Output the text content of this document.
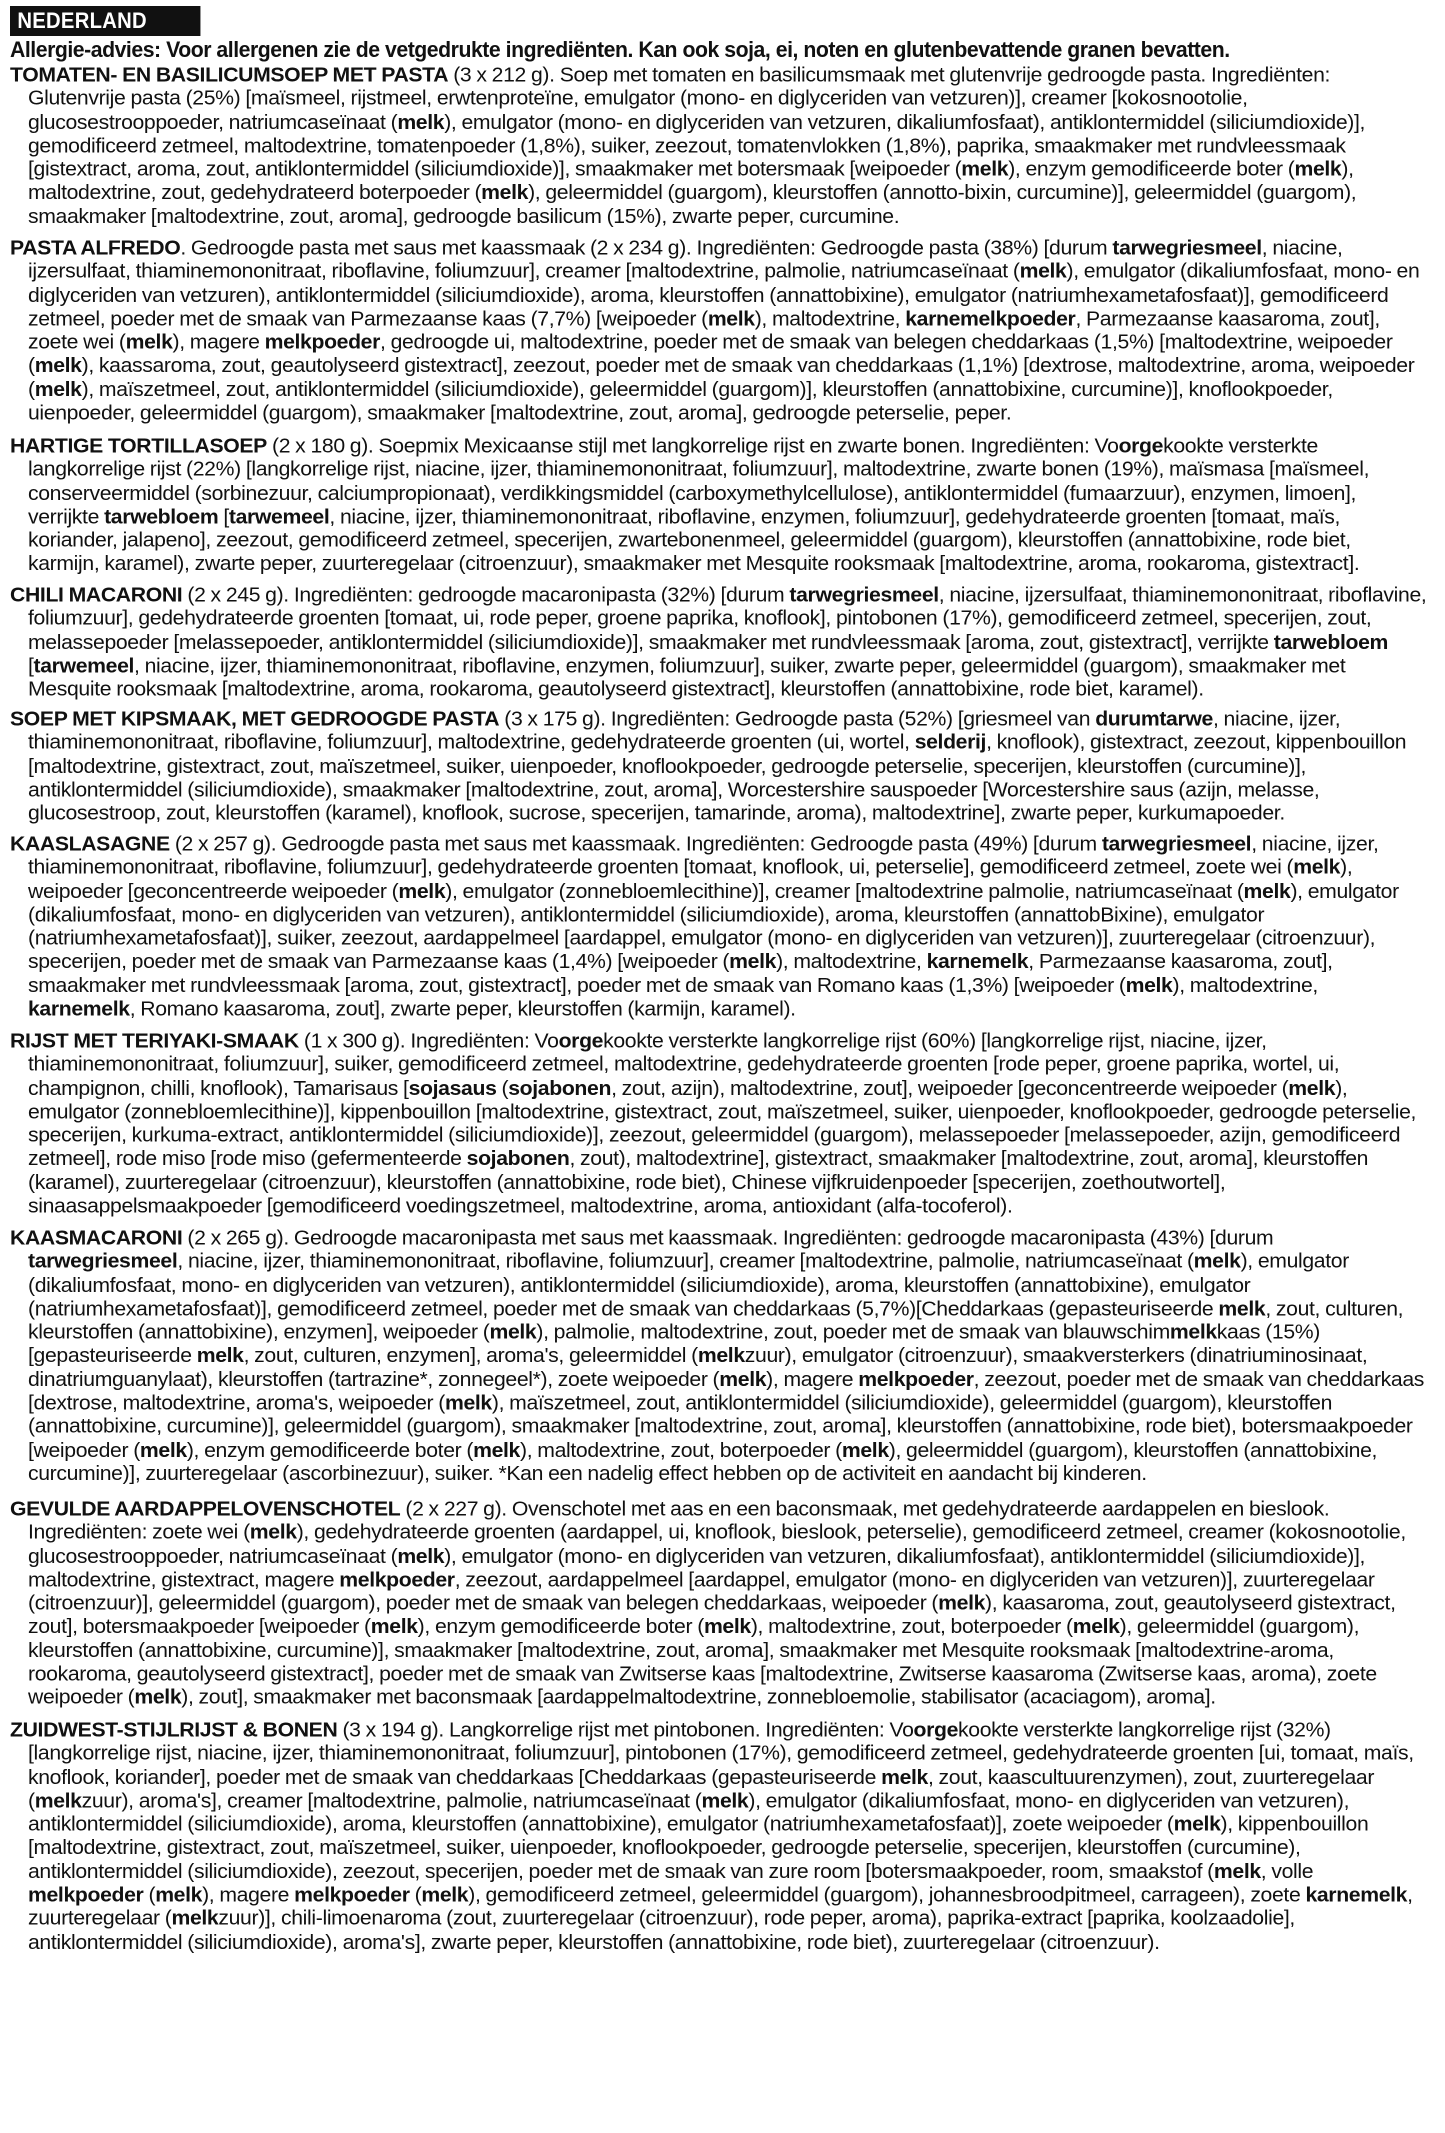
NEDERLAND
Allergie-advies: Voor allergenen zie de vetgedrukte ingrediënten. Kan ook soja, ei, noten en glutenbevattende granen bevatten.

TOMATEN- EN BASILICUMSOEP MET PASTA (3 x 212 g). Soep met tomaten en basilicumsmaak met glutenvrije gedroogde pasta. Ingrediënten: Glutenvrije pasta (25%) [maïsmeel, rijstmeel, erwtenproteïne, emulgator (mono- en diglyceriden van vetzuren)], creamer [kokosnootolie, glucosestrooppoeder, natriumcaseïnaat (melk), emulgator (mono- en diglyceriden van vetzuren, dikaliumfosfaat), antiklontermiddel (siliciumdioxide)], gemodificeerd zetmeel, maltodextrine, tomatenpoeder (1,8%), suiker, zeezout, tomatenvlokken (1,8%), paprika, smaakmaker met rundvleessmaak [gistextract, aroma, zout, antiklontermiddel (siliciumdioxide)], smaakmaker met botersmaak [weipoeder (melk), enzym gemodificeerde boter (melk), maltodextrine, zout, gedehydrateerd boterpoeder (melk), geleermiddel (guargom), kleurstoffen (annotto-bixin, curcumine)], geleermiddel (guargom), smaakmaker [maltodextrine, zout, aroma], gedroogde basilicum (15%), zwarte peper, curcumine.

PASTA ALFREDO. Gedroogde pasta met saus met kaassmaak (2 x 234 g). Ingrediënten: Gedroogde pasta (38%) [durum tarwegriesmeel, niacine, ijzersulfaat, thiaminemononitraat, riboflavine, foliumzuur], creamer [maltodextrine, palmolie, natriumcaseïnaat (melk), emulgator (dikaliumfosfaat, mono- en diglyceriden van vetzuren), antiklontermiddel (siliciumdioxide), aroma, kleurstoffen (annattobixine), emulgator (natriumhexametafosfaat)], gemodificeerd zetmeel, poeder met de smaak van Parmezaanse kaas (7,7%) [weipoeder (melk), maltodextrine, karnemelkpoeder, Parmezaanse kaasaroma, zout], zoete wei (melk), magere melkpoeder, gedroogde ui, maltodextrine, poeder met de smaak van belegen cheddarkaas (1,5%) [maltodextrine, weipoeder (melk), kaassaroma, zout, geautolyseerd gistextract], zeezout, poeder met de smaak van cheddarkaas (1,1%) [dextrose, maltodextrine, aroma, weipoeder (melk), maïszetmeel, zout, antiklontermiddel (siliciumdioxide), geleermiddel (guargom)], kleurstoffen (annattobixine, curcumine)], knoflookpoeder, uienpoeder, geleermiddel (guargom), smaakmaker [maltodextrine, zout, aroma], gedroogde peterselie, peper.

HARTIGE TORTILLASOEP (2 x 180 g). Soepmix Mexicaanse stijl met langkorrelige rijst en zwarte bonen. Ingrediënten: Voorgekookte versterkte langkorrelige rijst (22%) [langkorrelige rijst, niacine, ijzer, thiaminemononitraat, foliumzuur], maltodextrine, zwarte bonen (19%), maïsmasa [maïsmeel, conserveermiddel (sorbinezuur, calciumpropionaat), verdikkingsmiddel (carboxymethylcellulose), antiklontermiddel (fumaarzuur), enzymen, limoen], verrijkte tarwebloem [tarwemeel, niacine, ijzer, thiaminemononitraat, riboflavine, enzymen, foliumzuur], gedehydrateerde groenten [tomaat, maïs, koriander, jalapeno], zeezout, gemodificeerd zetmeel, specerijen, zwartebonenmeel, geleermiddel (guargom), kleurstoffen (annattobixine, rode biet, karmijn, karamel), zwarte peper, zuurteregelaar (citroenzuur), smaakmaker met Mesquite rooksmaak [maltodextrine, aroma, rookaroma, gistextract].

CHILI MACARONI (2 x 245 g). Ingrediënten: gedroogde macaronipasta (32%) [durum tarwegriesmeel, niacine, ijzersulfaat, thiaminemononitraat, riboflavine, foliumzuur], gedehydrateerde groenten [tomaat, ui, rode peper, groene paprika, knoflook], pintobonen (17%), gemodificeerd zetmeel, specerijen, zout, melassepoeder [melassepoeder, antiklontermiddel (siliciumdioxide)], smaakmaker met rundvleessmaak [aroma, zout, gistextract], verrijkte tarwebloem [tarwemeel, niacine, ijzer, thiaminemononitraat, riboflavine, enzymen, foliumzuur], suiker, zwarte peper, geleermiddel (guargom), smaakmaker met Mesquite rooksmaak [maltodextrine, aroma, rookaroma, geautolyseerd gistextract], kleurstoffen (annattobixine, rode biet, karamel).

SOEP MET KIPSMAAK, MET GEDROOGDE PASTA (3 x 175 g). Ingrediënten: Gedroogde pasta (52%) [griesmeel van durumtarwe, niacine, ijzer, thiaminemononitraat, riboflavine, foliumzuur], maltodextrine, gedehydrateerde groenten (ui, wortel, selderij, knoflook), gistextract, zeezout, kippenbouillon [maltodextrine, gistextract, zout, maïszetmeel, suiker, uienpoeder, knoflookpoeder, gedroogde peterselie, specerijen, kleurstoffen (curcumine)], antiklontermiddel (siliciumdioxide), smaakmaker [maltodextrine, zout, aroma], Worcestershire sauspoeder [Worcestershire saus (azijn, melasse, glucosestroop, zout, kleurstoffen (karamel), knoflook, sucrose, specerijen, tamarinde, aroma), maltodextrine], zwarte peper, kurkumapoeder.

KAASLASAGNE (2 x 257 g). Gedroogde pasta met saus met kaassmaak. Ingrediënten: Gedroogde pasta (49%) [durum tarwegriesmeel, niacine, ijzer, thiaminemononitraat, riboflavine, foliumzuur], gedehydrateerde groenten [tomaat, knoflook, ui, peterselie], gemodificeerd zetmeel, zoete wei (melk), weipoeder [geconcentreerde weipoeder (melk), emulgator (zonnebloemlecithine)], creamer [maltodextrine palmolie, natriumcaseïnaat (melk), emulgator (dikaliumfosfaat, mono- en diglyceriden van vetzuren), antiklontermiddel (siliciumdioxide), aroma, kleurstoffen (annattobBixine), emulgator (natriumhexametafosfaat)], suiker, zeezout, aardappelmeel [aardappel, emulgator (mono- en diglyceriden van vetzuren)], zuurteregelaar (citroenzuur), specerijen, poeder met de smaak van Parmezaanse kaas (1,4%) [weipoeder (melk), maltodextrine, karnemelk, Parmezaanse kaasaroma, zout], smaakmaker met rundvleessmaak [aroma, zout, gistextract], poeder met de smaak van Romano kaas (1,3%) [weipoeder (melk), maltodextrine, karnemelk, Romano kaasaroma, zout], zwarte peper, kleurstoffen (karmijn, karamel).

RIJST MET TERIYAKI-SMAAK (1 x 300 g). Ingrediënten: Voorgekookte versterkte langkorrelige rijst (60%) [langkorrelige rijst, niacine, ijzer, thiaminemononitraat, foliumzuur], suiker, gemodificeerd zetmeel, maltodextrine, gedehydrateerde groenten [rode peper, groene paprika, wortel, ui, champignon, chilli, knoflook), Tamarisaus [sojasaus (sojabonen, zout, azijn), maltodextrine, zout], weipoeder [geconcentreerde weipoeder (melk), emulgator (zonnebloemlecithine)], kippenbouillon [maltodextrine, gistextract, zout, maïszetmeel, suiker, uienpoeder, knoflookpoeder, gedroogde peterselie, specerijen, kurkuma-extract, antiklontermiddel (siliciumdioxide)], zeezout, geleermiddel (guargom), melassepoeder [melassepoeder, azijn, gemodificeerd zetmeel], rode miso [rode miso (gefermenteerde sojabonen, zout), maltodextrine], gistextract, smaakmaker [maltodextrine, zout, aroma], kleurstoffen (karamel), zuurteregelaar (citroenzuur), kleurstoffen (annattobixine, rode biet), Chinese vijfkruidenpoeder [specerijen, zoethoutwortel], sinaasappelsmaakpoeder [gemodificeerd voedingszetmeel, maltodextrine, aroma, antioxidant (alfa-tocoferol).

KAASMACARONI (2 x 265 g). Gedroogde macaronipasta met saus met kaassmaak. Ingrediënten: gedroogde macaronipasta (43%) [durum tarwegriesmeel, niacine, ijzer, thiaminemononitraat, riboflavine, foliumzuur], creamer [maltodextrine, palmolie, natriumcaseïnaat (melk), emulgator (dikaliumfosfaat, mono- en diglyceriden van vetzuren), antiklontermiddel (siliciumdioxide), aroma, kleurstoffen (annattobixine), emulgator (natriumhexametafosfaat)], gemodificeerd zetmeel, poeder met de smaak van cheddarkaas (5,7%)[Cheddarkaas (gepasteuriseerde melk, zout, culturen, kleurstoffen (annattobixine), enzymen], weipoeder (melk), palmolie, maltodextrine, zout, poeder met de smaak van blauwschimmelkkaas (15%) [gepasteuriseerde melk, zout, culturen, enzymen], aroma's, geleermiddel (melkzuur), emulgator (citroenzuur), smaakversterkers (dinatriuminosinaat, dinatriumguanylaat), kleurstoffen (tartrazine*, zonnegeel*), zoete weipoeder (melk), magere melkpoeder, zeezout, poeder met de smaak van cheddarkaas [dextrose, maltodextrine, aroma's, weipoeder (melk), maïszetmeel, zout, antiklontermiddel (siliciumdioxide), geleermiddel (guargom), kleurstoffen (annattobixine, curcumine)], geleermiddel (guargom), smaakmaker [maltodextrine, zout, aroma], kleurstoffen (annattobixine, rode biet), botersmaakpoeder [weipoeder (melk), enzym gemodificeerde boter (melk), maltodextrine, zout, boterpoeder (melk), geleermiddel (guargom), kleurstoffen (annattobixine, curcumine)], zuurteregelaar (ascorbinezuur), suiker. *Kan een nadelig effect hebben op de activiteit en aandacht bij kinderen.

GEVULDE AARDAPPELOVENSCHOTEL (2 x 227 g). Ovenschotel met aas en een baconsmaak, met gedehydrateerde aardappelen en bieslook. Ingrediënten: zoete wei (melk), gedehydrateerde groenten (aardappel, ui, knoflook, bieslook, peterselie), gemodificeerd zetmeel, creamer (kokosnootolie, glucosestrooppoeder, natriumcaseïnaat (melk), emulgator (mono- en diglyceriden van vetzuren, dikaliumfosfaat), antiklontermiddel (siliciumdioxide)], maltodextrine, gistextract, magere melkpoeder, zeezout, aardappelmeel [aardappel, emulgator (mono- en diglyceriden van vetzuren)], zuurteregelaar (citroenzuur)], geleermiddel (guargom), poeder met de smaak van belegen cheddarkaas, weipoeder (melk), kaasaroma, zout, geautolyseerd gistextract, zout], botersmaakpoeder [weipoeder (melk), enzym gemodificeerde boter (melk), maltodextrine, zout, boterpoeder (melk), geleermiddel (guargom), kleurstoffen (annattobixine, curcumine)], smaakmaker [maltodextrine, zout, aroma], smaakmaker met Mesquite rooksmaak [maltodextrine-aroma, rookaroma, geautolyseerd gistextract], poeder met de smaak van Zwitserse kaas [maltodextrine, Zwitserse kaasaroma (Zwitserse kaas, aroma), zoete weipoeder (melk), zout], smaakmaker met baconsmaak [aardappelmaltodextrine, zonnebloemolie, stabilisator (acaciagom), aroma].

ZUIDWEST-STIJLRIJST & BONEN (3 x 194 g). Langkorrelige rijst met pintobonen. Ingrediënten: Voorgekookte versterkte langkorrelige rijst (32%) [langkorrelige rijst, niacine, ijzer, thiaminemononitraat, foliumzuur], pintobonen (17%), gemodificeerd zetmeel, gedehydrateerde groenten [ui, tomaat, maïs, knoflook, koriander], poeder met de smaak van cheddarkaas [Cheddarkaas (gepasteuriseerde melk, zout, kaascultuurenzymen), zout, zuurteregelaar (melkzuur), aroma's], creamer [maltodextrine, palmolie, natriumcaseïnaat (melk), emulgator (dikaliumfosfaat, mono- en diglyceriden van vetzuren), antiklontermiddel (siliciumdioxide), aroma, kleurstoffen (annattobixine), emulgator (natriumhexametafosfaat)], zoete weipoeder (melk), kippenbouillon [maltodextrine, gistextract, zout, maïszetmeel, suiker, uienpoeder, knoflookpoeder, gedroogde peterselie, specerijen, kleurstoffen (curcumine), antiklontermiddel (siliciumdioxide), zeezout, specerijen, poeder met de smaak van zure room [botersmaakpoeder, room, smaakstof (melk, volle melkpoeder (melk), magere melkpoeder (melk), gemodificeerd zetmeel, geleermiddel (guargom), johannesbroodpitmeel, carrageen), zoete karnemelk, zuurteregelaar (melkzuur)], chili-limoenaroma (zout, zuurteregelaar (citroenzuur), rode peper, aroma), paprika-extract [paprika, koolzaadolie], antiklontermiddel (siliciumdioxide), aroma's], zwarte peper, kleurstoffen (annattobixine, rode biet), zuurteregelaar (citroenzuur).
